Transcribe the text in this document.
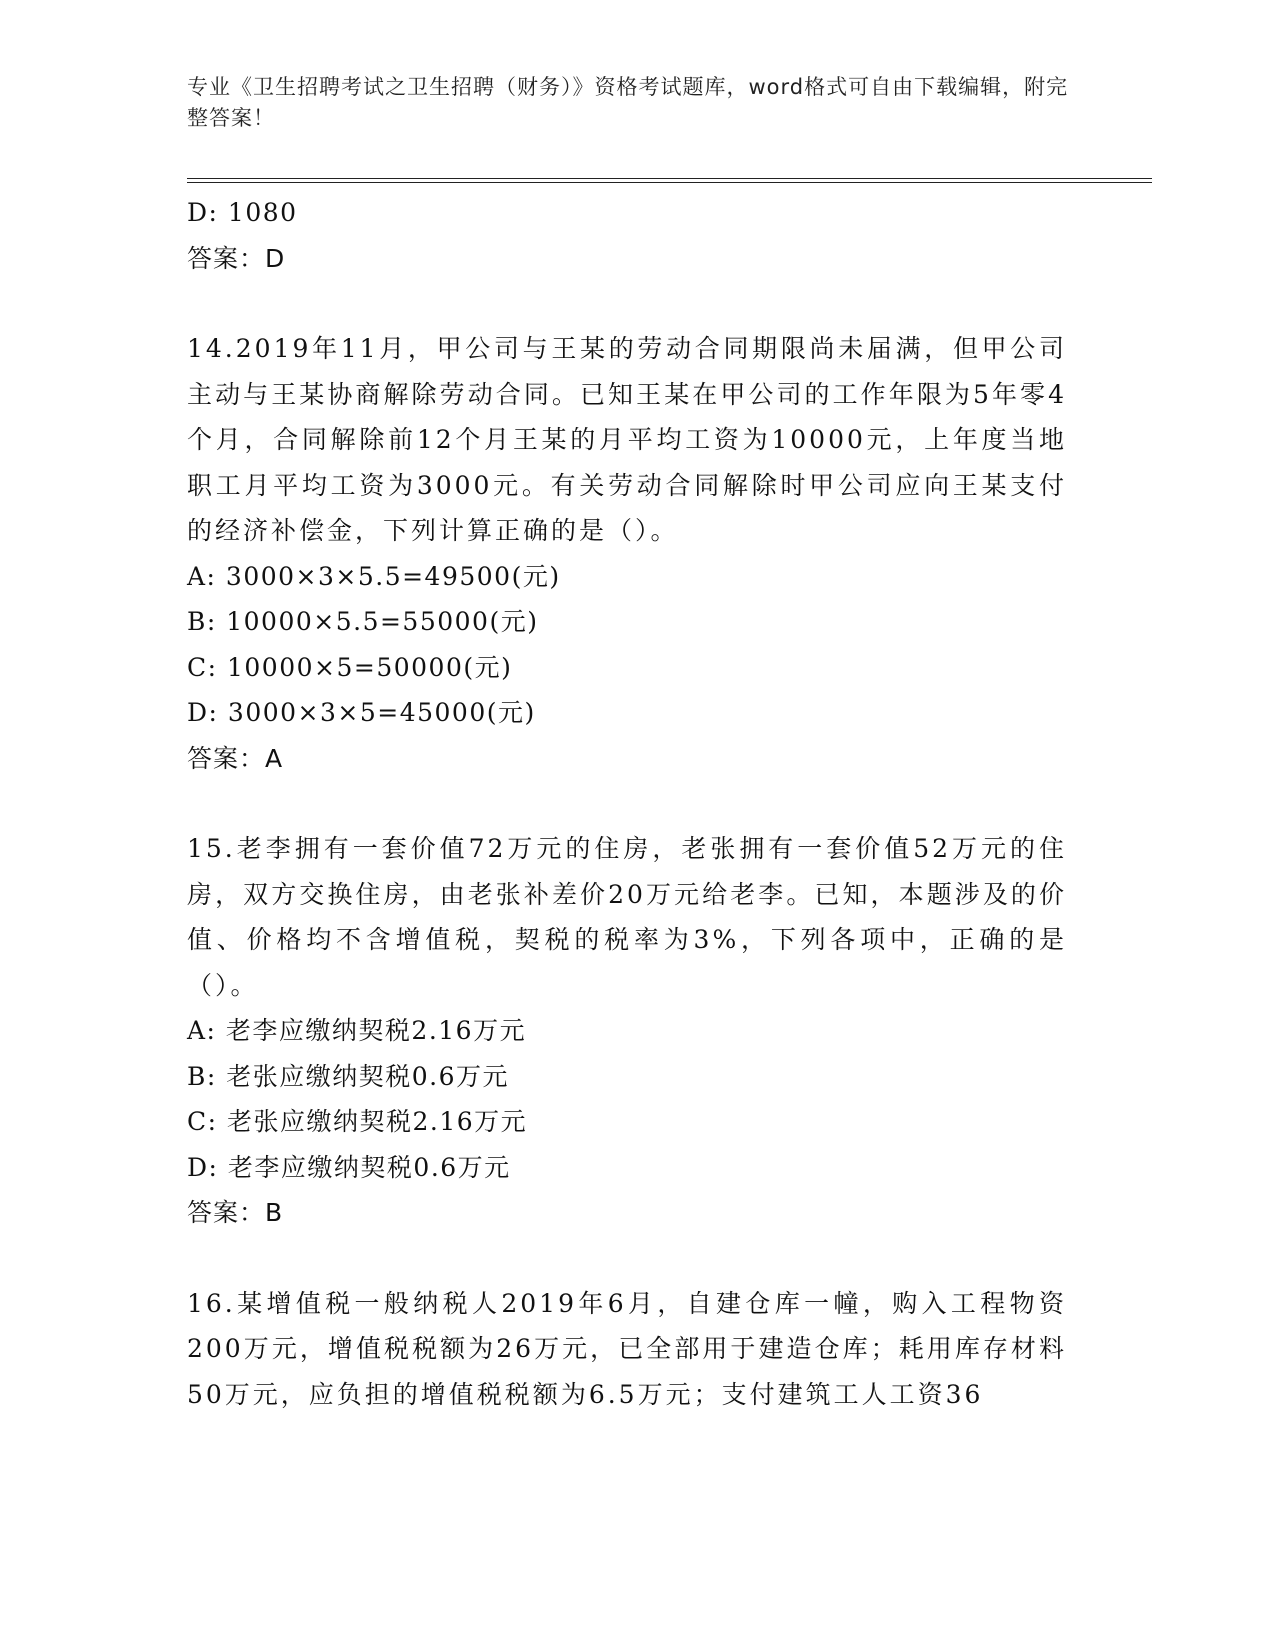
专业《卫生招聘考试之卫生招聘（财务）》资格考试题库，word格式可自由下载编辑，附完整答案！

D: 1080

答案：D

14.2019年11月，甲公司与王某的劳动合同期限尚未届满，但甲公司主动与王某协商解除劳动合同。已知王某在甲公司的工作年限为5年零4个月，合同解除前12个月王某的月平均工资为10000元，上年度当地职工月平均工资为3000元。有关劳动合同解除时甲公司应向王某支付的经济补偿金，下列计算正确的是（）。

A: 3000×3×5.5=49500(元)

B: 10000×5.5=55000(元)

C: 10000×5=50000(元)

D: 3000×3×5=45000(元)

答案：A

15.老李拥有一套价值72万元的住房，老张拥有一套价值52万元的住房，双方交换住房，由老张补差价20万元给老李。已知，本题涉及的价值、价格均不含增值税，契税的税率为3%，下列各项中，正确的是（）。

A: 老李应缴纳契税2.16万元

B: 老张应缴纳契税0.6万元

C: 老张应缴纳契税2.16万元

D: 老李应缴纳契税0.6万元

答案：B

16.某增值税一般纳税人2019年6月，自建仓库一幢，购入工程物资200万元，增值税税额为26万元，已全部用于建造仓库；耗用库存材料50万元，应负担的增值税税额为6.5万元；支付建筑工人工资36
